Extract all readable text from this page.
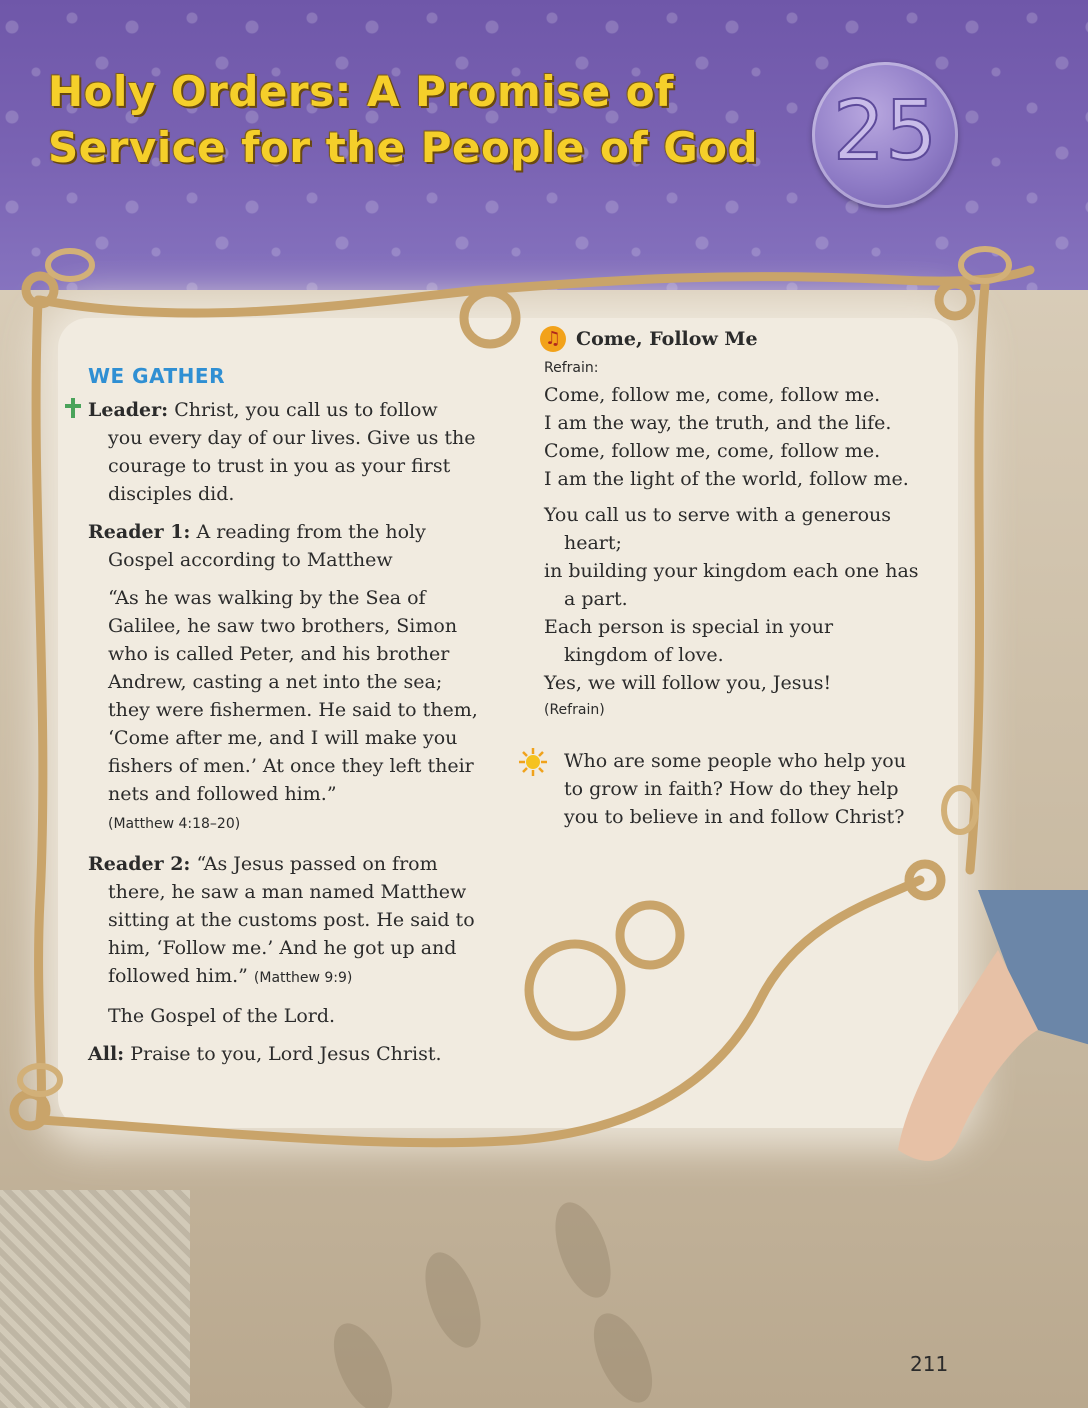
Holy Orders: A Promise of
Service for the People of God 25
WE GATHER

Leader: Christ, you call us to follow you every day of our lives. Give us the courage to trust in you as your first disciples did.

Reader 1: A reading from the holy Gospel according to Matthew

“As he was walking by the Sea of Galilee, he saw two brothers, Simon who is called Peter, and his brother Andrew, casting a net into the sea; they were fishermen. He said to them, ‘Come after me, and I will make you fishers of men.’ At once they left their nets and followed him.”
(Matthew 4:18–20)

Reader 2: “As Jesus passed on from there, he saw a man named Matthew sitting at the customs post. He said to him, ‘Follow me.’ And he got up and followed him.” (Matthew 9:9)

The Gospel of the Lord.

All: Praise to you, Lord Jesus Christ.

♫ Come, Follow Me
Refrain:

Come, follow me, come, follow me.

I am the way, the truth, and the life.

Come, follow me, come, follow me.

I am the light of the world, follow me.

You call us to serve with a generous heart;

in building your kingdom each one has a part.

Each person is special in your kingdom of love.

Yes, we will follow you, Jesus!

(Refrain)
Who are some people who help you to grow in faith? How do they help you to believe in and follow Christ?
211
